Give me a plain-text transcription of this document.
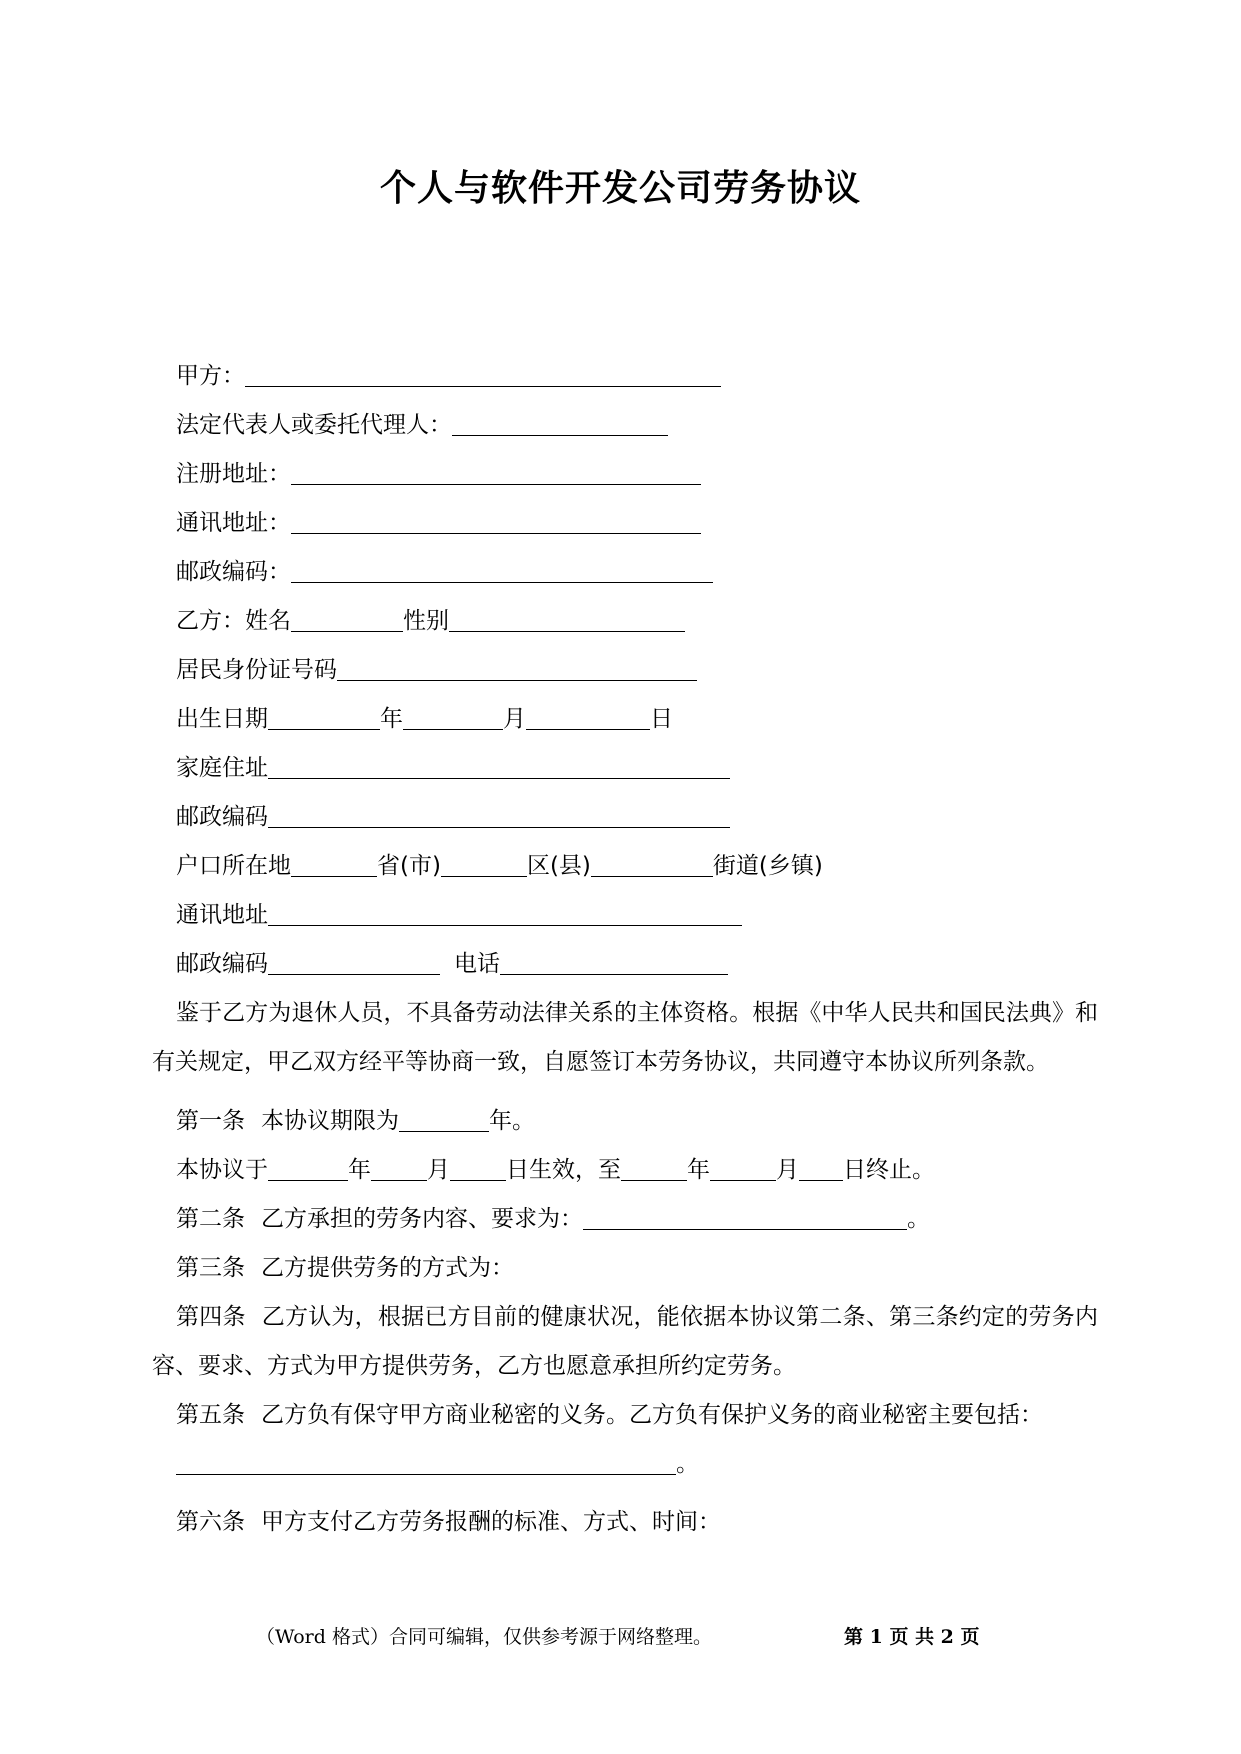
个人与软件开发公司劳务协议
甲方：
法定代表人或委托代理人：
注册地址：
通讯地址：
邮政编码：
乙方：姓名	性别
居民身份证号码
出生日期	年	月	日
家庭住址
邮政编码
户口所在地	省(市)	区(县)	街道(乡镇)
通讯地址
邮政编码	电话
鉴于乙方为退休人员，不具备劳动法律关系的主体资格。根据《中华人民共和国民法典》和有关规定，甲乙双方经平等协商一致，自愿签订本劳务协议，共同遵守本协议所列条款。
第一条 本协议期限为	年。
本协议于	年 月 日生效，至	年	月 日终止。
第二条 乙方承担的劳务内容、要求为：	。
第三条 乙方提供劳务的方式为：
第四条 乙方认为，根据已方目前的健康状况，能依据本协议第二条、第三条约定的劳务内容、要求、方式为甲方提供劳务，乙方也愿意承担所约定劳务。
第五条 乙方负有保守甲方商业秘密的义务。乙方负有保护义务的商业秘密主要包括：
。
第六条 甲方支付乙方劳务报酬的标准、方式、时间：
（Word 格式）合同可编辑，仅供参考源于网络整理。	第 1 页 共 2 页
